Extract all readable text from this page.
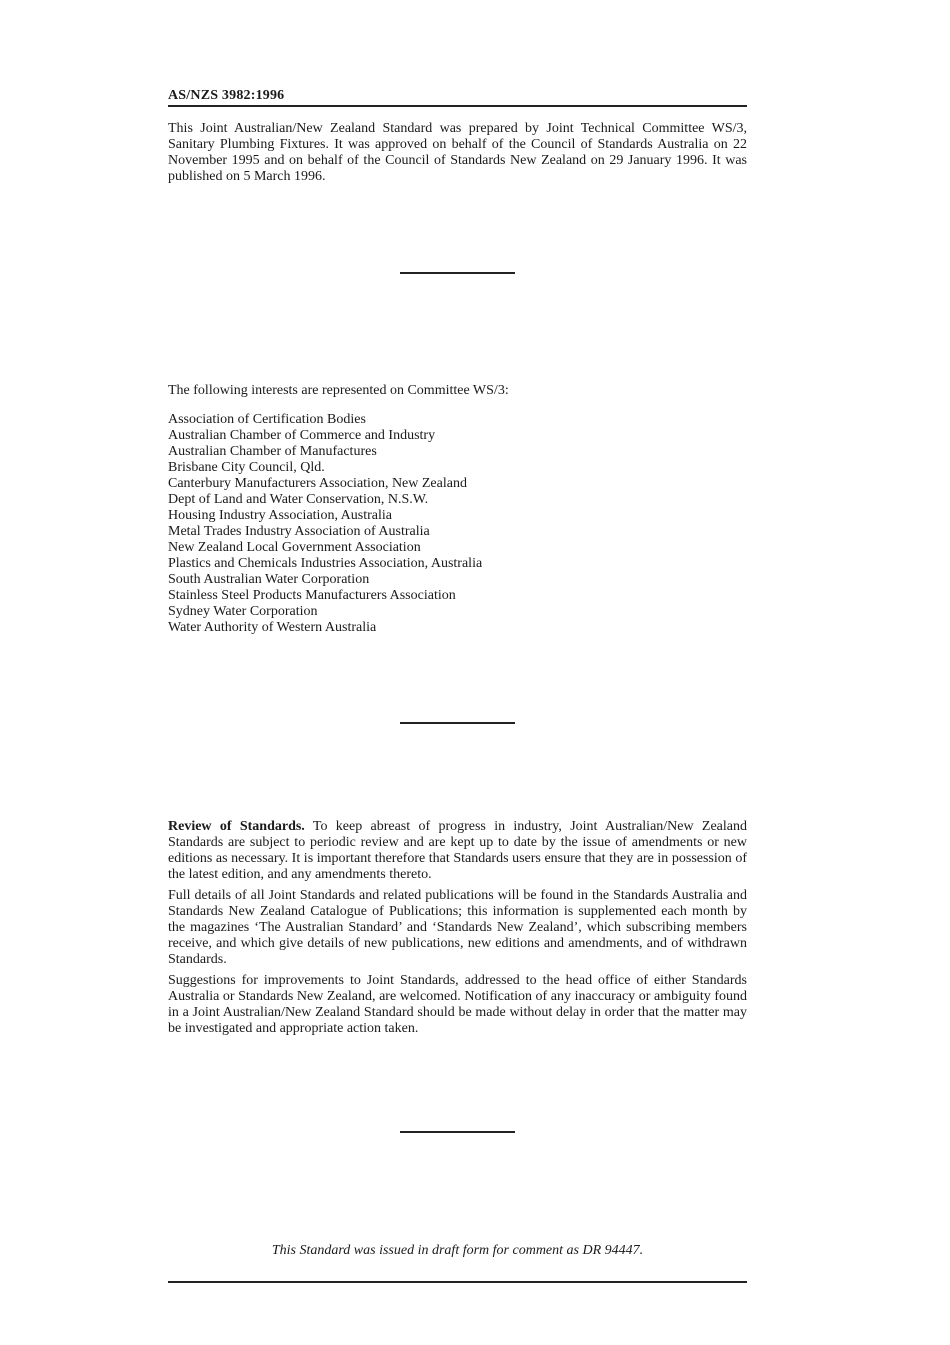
AS/NZS 3982:1996
This Joint Australian/New Zealand Standard was prepared by Joint Technical Committee WS/3, Sanitary Plumbing Fixtures. It was approved on behalf of the Council of Standards Australia on 22 November 1995 and on behalf of the Council of Standards New Zealand on 29 January 1996. It was published on 5 March 1996.
The following interests are represented on Committee WS/3:
Association of Certification Bodies
Australian Chamber of Commerce and Industry
Australian Chamber of Manufactures
Brisbane City Council, Qld.
Canterbury Manufacturers Association, New Zealand
Dept of Land and Water Conservation, N.S.W.
Housing Industry Association, Australia
Metal Trades Industry Association of Australia
New Zealand Local Government Association
Plastics and Chemicals Industries Association, Australia
South Australian Water Corporation
Stainless Steel Products Manufacturers Association
Sydney Water Corporation
Water Authority of Western Australia

Review of Standards. To keep abreast of progress in industry, Joint Australian/New Zealand Standards are subject to periodic review and are kept up to date by the issue of amendments or new editions as necessary. It is important therefore that Standards users ensure that they are in possession of the latest edition, and any amendments thereto.

Full details of all Joint Standards and related publications will be found in the Standards Australia and Standards New Zealand Catalogue of Publications; this information is supplemented each month by the magazines ‘The Australian Standard’ and ‘Standards New Zealand’, which subscribing members receive, and which give details of new publications, new editions and amendments, and of withdrawn Standards.

Suggestions for improvements to Joint Standards, addressed to the head office of either Standards Australia or Standards New Zealand, are welcomed. Notification of any inaccuracy or ambiguity found in a Joint Australian/New Zealand Standard should be made without delay in order that the matter may be investigated and appropriate action taken.

This Standard was issued in draft form for comment as DR 94447.
